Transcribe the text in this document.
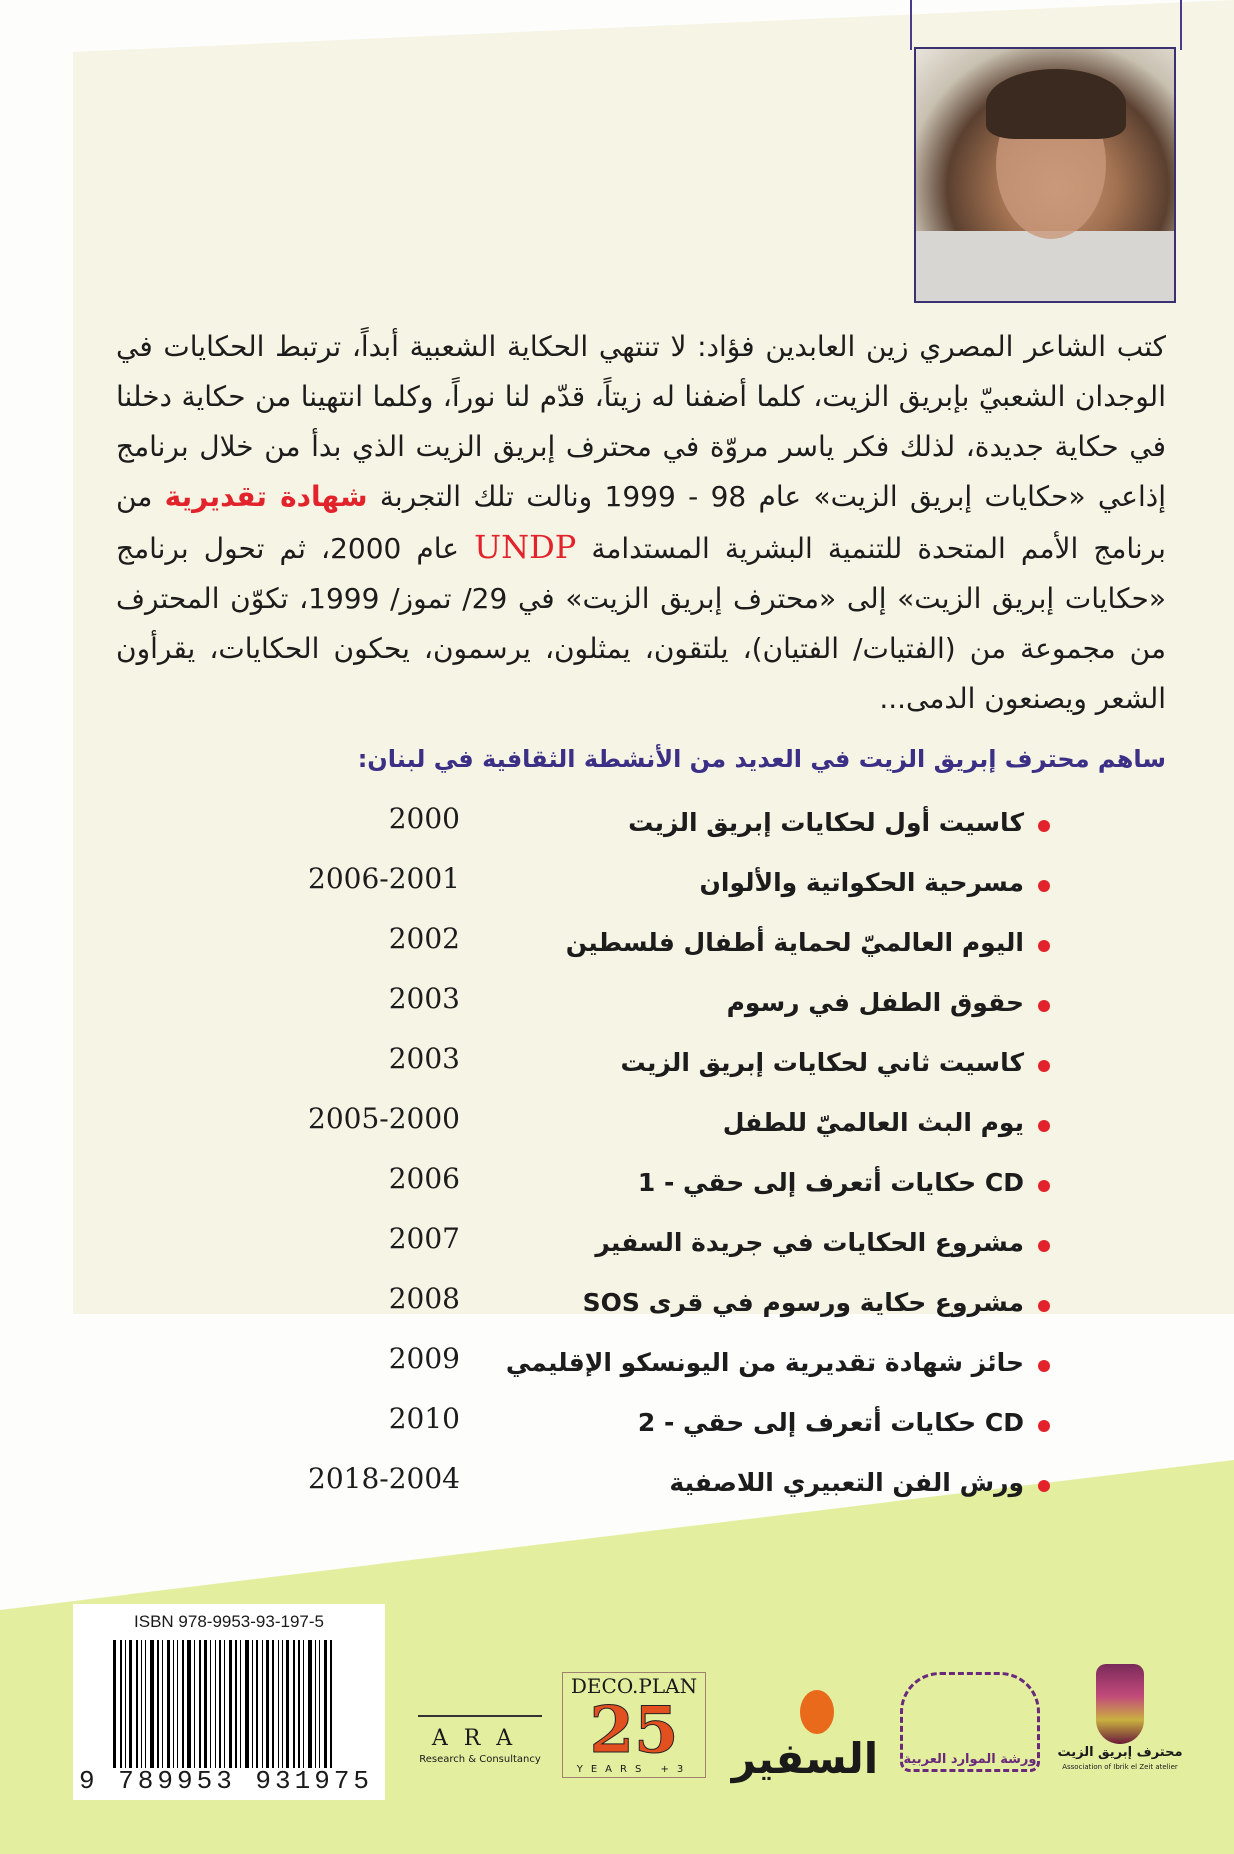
كتب الشاعر المصري زين العابدين فؤاد: لا تنتهي الحكاية الشعبية أبداً، ترتبط الحكايات في الوجدان الشعبيّ بإبريق الزيت، كلما أضفنا له زيتاً، قدّم لنا نوراً، وكلما انتهينا من حكاية دخلنا في حكاية جديدة، لذلك فكر ياسر مروّة في محترف إبريق الزيت الذي بدأ من خلال برنامج إذاعي «حكايات إبريق الزيت» عام 98 - 1999 ونالت تلك التجربة شهادة تقديرية من برنامج الأمم المتحدة للتنمية البشرية المستدامة UNDP عام 2000، ثم تحول برنامج «حكايات إبريق الزيت» إلى «محترف إبريق الزيت» في 29/ تموز/ 1999، تكوّن المحترف من مجموعة من (الفتيات/ الفتيان)، يلتقون، يمثلون، يرسمون، يحكون الحكايات، يقرأون الشعر ويصنعون الدمى...

ساهم محترف إبريق الزيت في العديد من الأنشطة الثقافية في لبنان:
كاسيت أول لحكايات إبريق الزيت
2000
مسرحية الحكواتية والألوان
2006-2001
اليوم العالميّ لحماية أطفال فلسطين
2002
حقوق الطفل في رسوم
2003
كاسيت ثاني لحكايات إبريق الزيت
2003
يوم البث العالميّ للطفل
2005-2000
CD حكايات أتعرف إلى حقي - 1
2006
مشروع الحكايات في جريدة السفير
2007
مشروع حكاية ورسوم في قرى SOS
2008
حائز شهادة تقديرية من اليونسكو الإقليمي
2009
CD حكايات أتعرف إلى حقي - 2
2010
ورش الفن التعبيري اللاصفية
2018-2004
ISBN 978-9953-93-197-5
9 789953 931975
ARA
Research & Consultancy
DECO.PLAN
25
YEARS +3 السفير	ورشة الموارد العربية	محترف إبريق الزيت
Association of Ibrik el Zeit atelier
